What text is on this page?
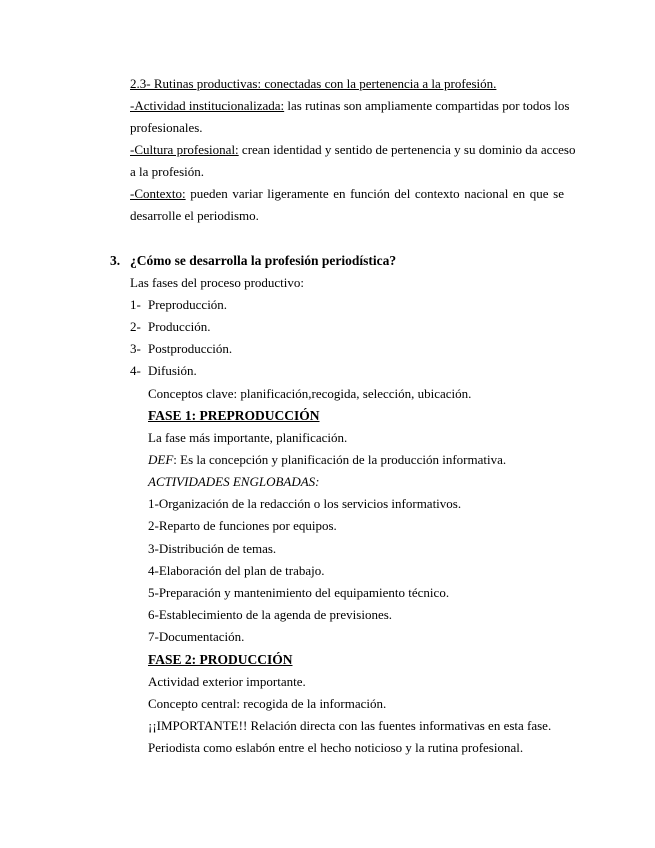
2.3- Rutinas productivas: conectadas con la pertenencia a la profesión.
-Actividad institucionalizada: las rutinas son ampliamente compartidas por todos los
profesionales.
-Cultura profesional: crean identidad y sentido de pertenencia y su dominio da acceso
a la profesión.
-Contexto: pueden variar ligeramente en función del contexto nacional en que se
desarrolle el periodismo.
3. ¿Cómo se desarrolla la profesión periodística?
Las fases del proceso productivo:
1- Preproducción.
2- Producción.
3- Postproducción.
4- Difusión.
Conceptos clave: planificación,recogida, selección, ubicación.
FASE 1: PREPRODUCCIÓN
La fase más importante, planificación.
DEF: Es la concepción y planificación de la producción informativa.
ACTIVIDADES ENGLOBADAS:
1-Organización de la redacción o los servicios informativos.
2-Reparto de funciones por equipos.
3-Distribución de temas.
4-Elaboración del plan de trabajo.
5-Preparación y mantenimiento del equipamiento técnico.
6-Establecimiento de la agenda de previsiones.
7-Documentación.
FASE 2: PRODUCCIÓN
Actividad exterior importante.
Concepto central: recogida de la información.
¡¡IMPORTANTE!! Relación directa con las fuentes informativas en esta fase.
Periodista como eslabón entre el hecho noticioso y la rutina profesional.
